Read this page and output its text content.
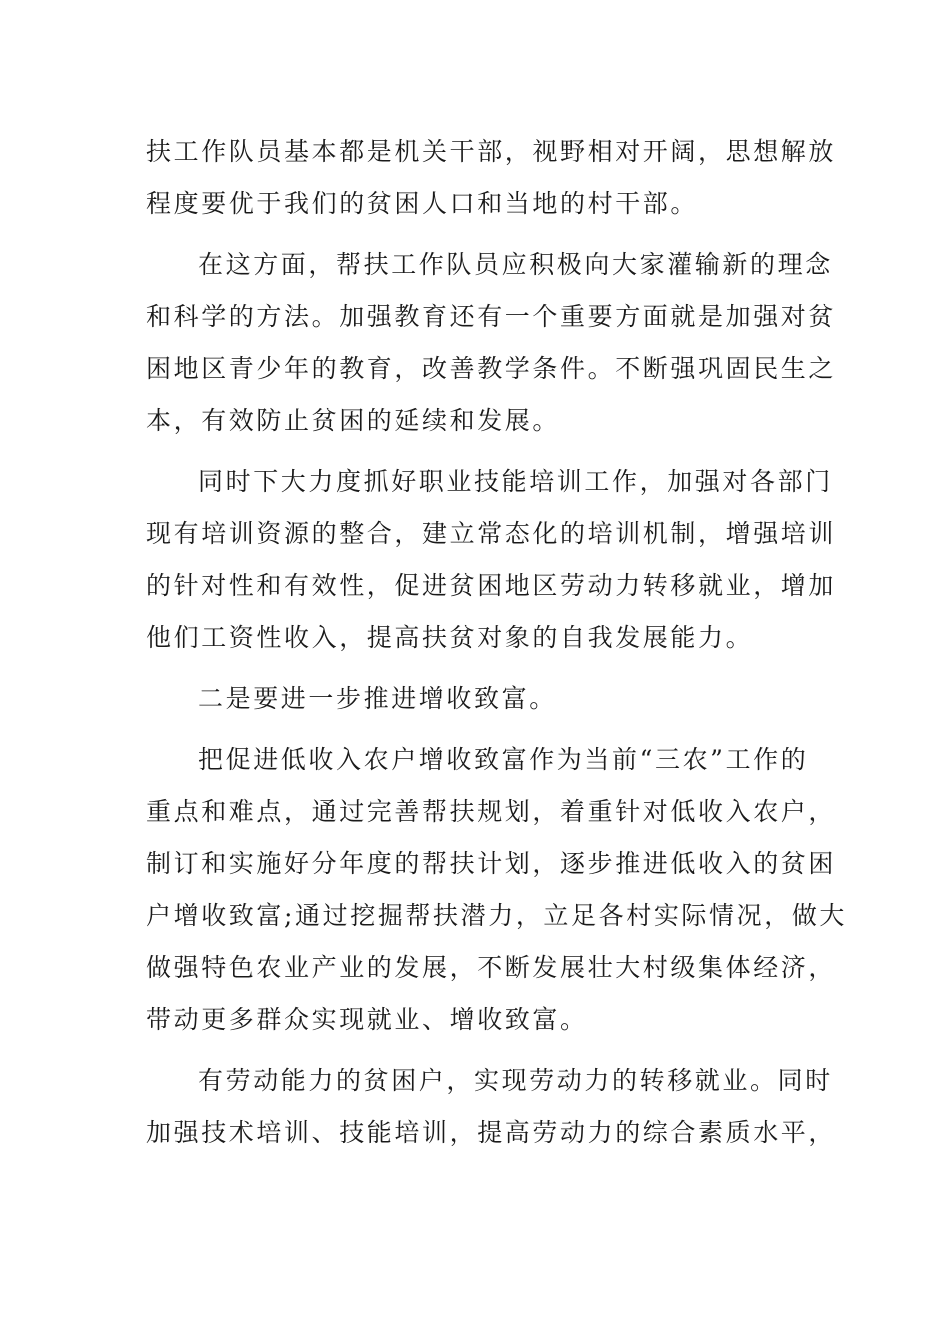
扶工作队员基本都是机关干部，视野相对开阔，思想解放
程度要优于我们的贫困人口和当地的村干部。
在这方面，帮扶工作队员应积极向大家灌输新的理念
和科学的方法。加强教育还有一个重要方面就是加强对贫
困地区青少年的教育，改善教学条件。不断强巩固民生之
本，有效防止贫困的延续和发展。
同时下大力度抓好职业技能培训工作，加强对各部门
现有培训资源的整合，建立常态化的培训机制，增强培训
的针对性和有效性，促进贫困地区劳动力转移就业，增加
他们工资性收入，提高扶贫对象的自我发展能力。
二是要进一步推进增收致富。
把促进低收入农户增收致富作为当前“三农”工作的
重点和难点，通过完善帮扶规划，着重针对低收入农户，
制订和实施好分年度的帮扶计划，逐步推进低收入的贫困
户增收致富;通过挖掘帮扶潜力，立足各村实际情况，做大
做强特色农业产业的发展，不断发展壮大村级集体经济，
带动更多群众实现就业、增收致富。
有劳动能力的贫困户，实现劳动力的转移就业。同时
加强技术培训、技能培训，提高劳动力的综合素质水平，
